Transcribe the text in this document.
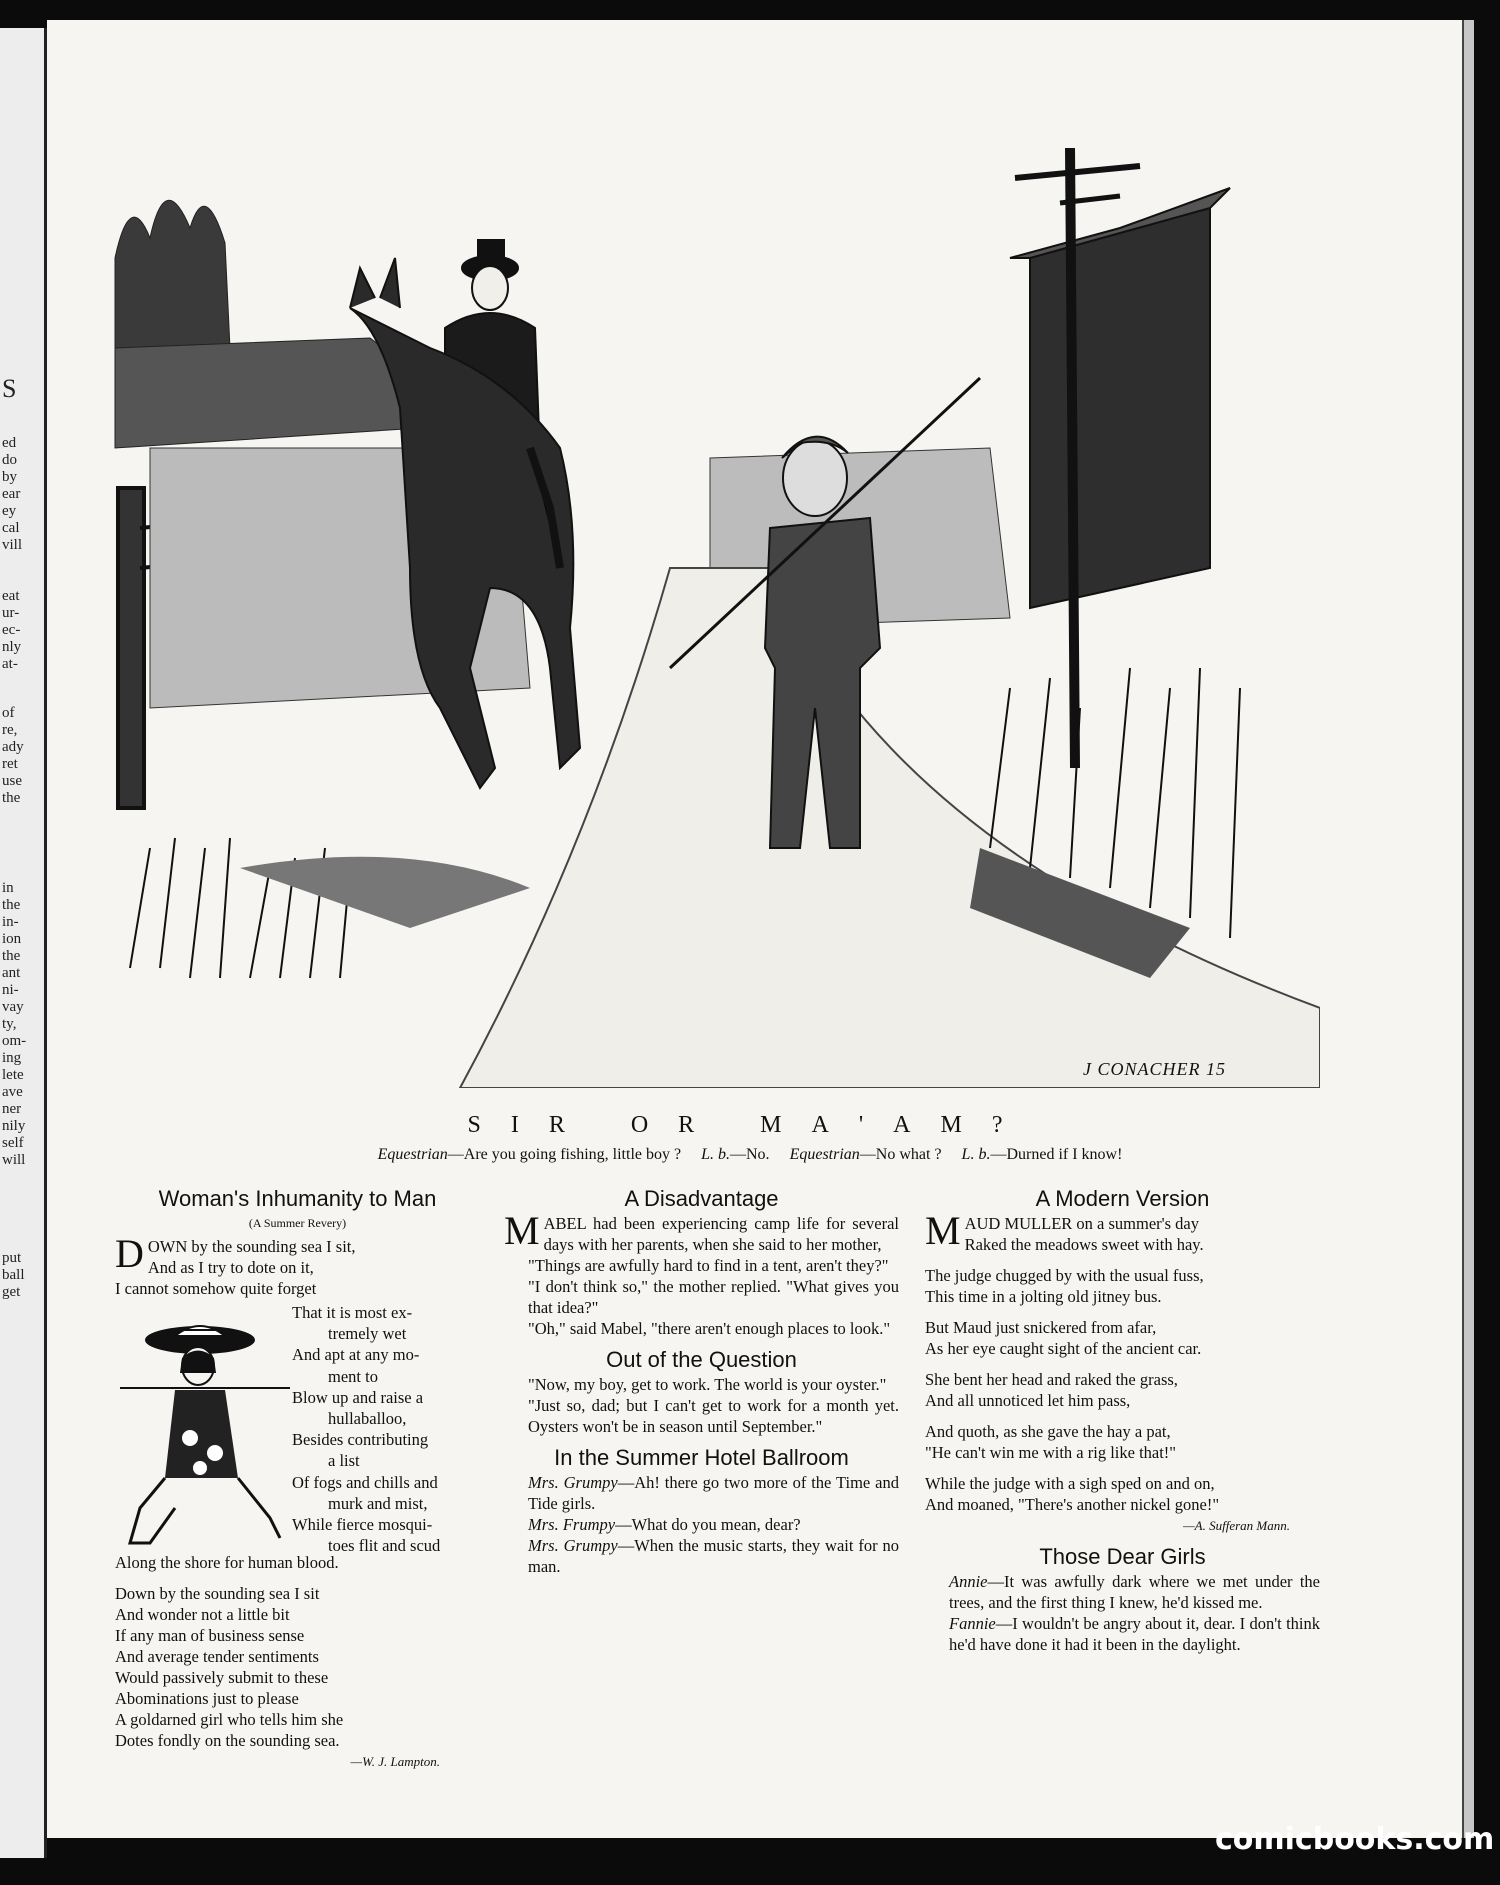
S
ed
do
by
ear
ey
cal
vill
eat
ur-
ec-
nly
at-
of
re,
ady
ret
use
the
in
the
in-
ion
the
ant
ni-
vay
ty,
om-
ing
lete
ave
ner
nily
self
will
put
ball
get
J CONACHER 15
SIR OR MA'AM?
Equestrian—Are you going fishing, little boy ? L. b.—No. Equestrian—No what ? L. b.—Durned if I know!
Woman's Inhumanity to Man
(A Summer Revery)
D OWN by the sounding sea I sit,

And as I try to dote on it,

I cannot somehow quite forget

That it is most ex-

tremely wet

And apt at any mo-

ment to

Blow up and raise a

hullaballoo,

Besides contributing

a list

Of fogs and chills and

murk and mist,

While fierce mosqui-

toes flit and scud

Along the shore for human blood.

Down by the sounding sea I sit

And wonder not a little bit

If any man of business sense

And average tender sentiments

Would passively submit to these

Abominations just to please

A goldarned girl who tells him she

Dotes fondly on the sounding sea.

—W. J. Lampton.
A Disadvantage
M ABEL had been experiencing camp life for several days with her parents, when she said to her mother,

"Things are awfully hard to find in a tent, aren't they?"

"I don't think so," the mother replied. "What gives you that idea?"

"Oh," said Mabel, "there aren't enough places to look."

Out of the Question

"Now, my boy, get to work. The world is your oyster."

"Just so, dad; but I can't get to work for a month yet. Oysters won't be in season until September."

In the Summer Hotel Ballroom

Mrs. Grumpy—Ah! there go two more of the Time and Tide girls.

Mrs. Frumpy—What do you mean, dear?

Mrs. Grumpy—When the music starts, they wait for no man.

A Modern Version
M AUD MULLER on a summer's day

Raked the meadows sweet with hay.

The judge chugged by with the usual fuss,

This time in a jolting old jitney bus.

But Maud just snickered from afar,

As her eye caught sight of the ancient car.

She bent her head and raked the grass,

And all unnoticed let him pass,

And quoth, as she gave the hay a pat,

"He can't win me with a rig like that!"

While the judge with a sigh sped on and on,

And moaned, "There's another nickel gone!"

—A. Sufferan Mann.
Those Dear Girls

Annie—It was awfully dark where we met under the trees, and the first thing I knew, he'd kissed me.

Fannie—I wouldn't be angry about it, dear. I don't think he'd have done it had it been in the daylight.

comicbooks.com
